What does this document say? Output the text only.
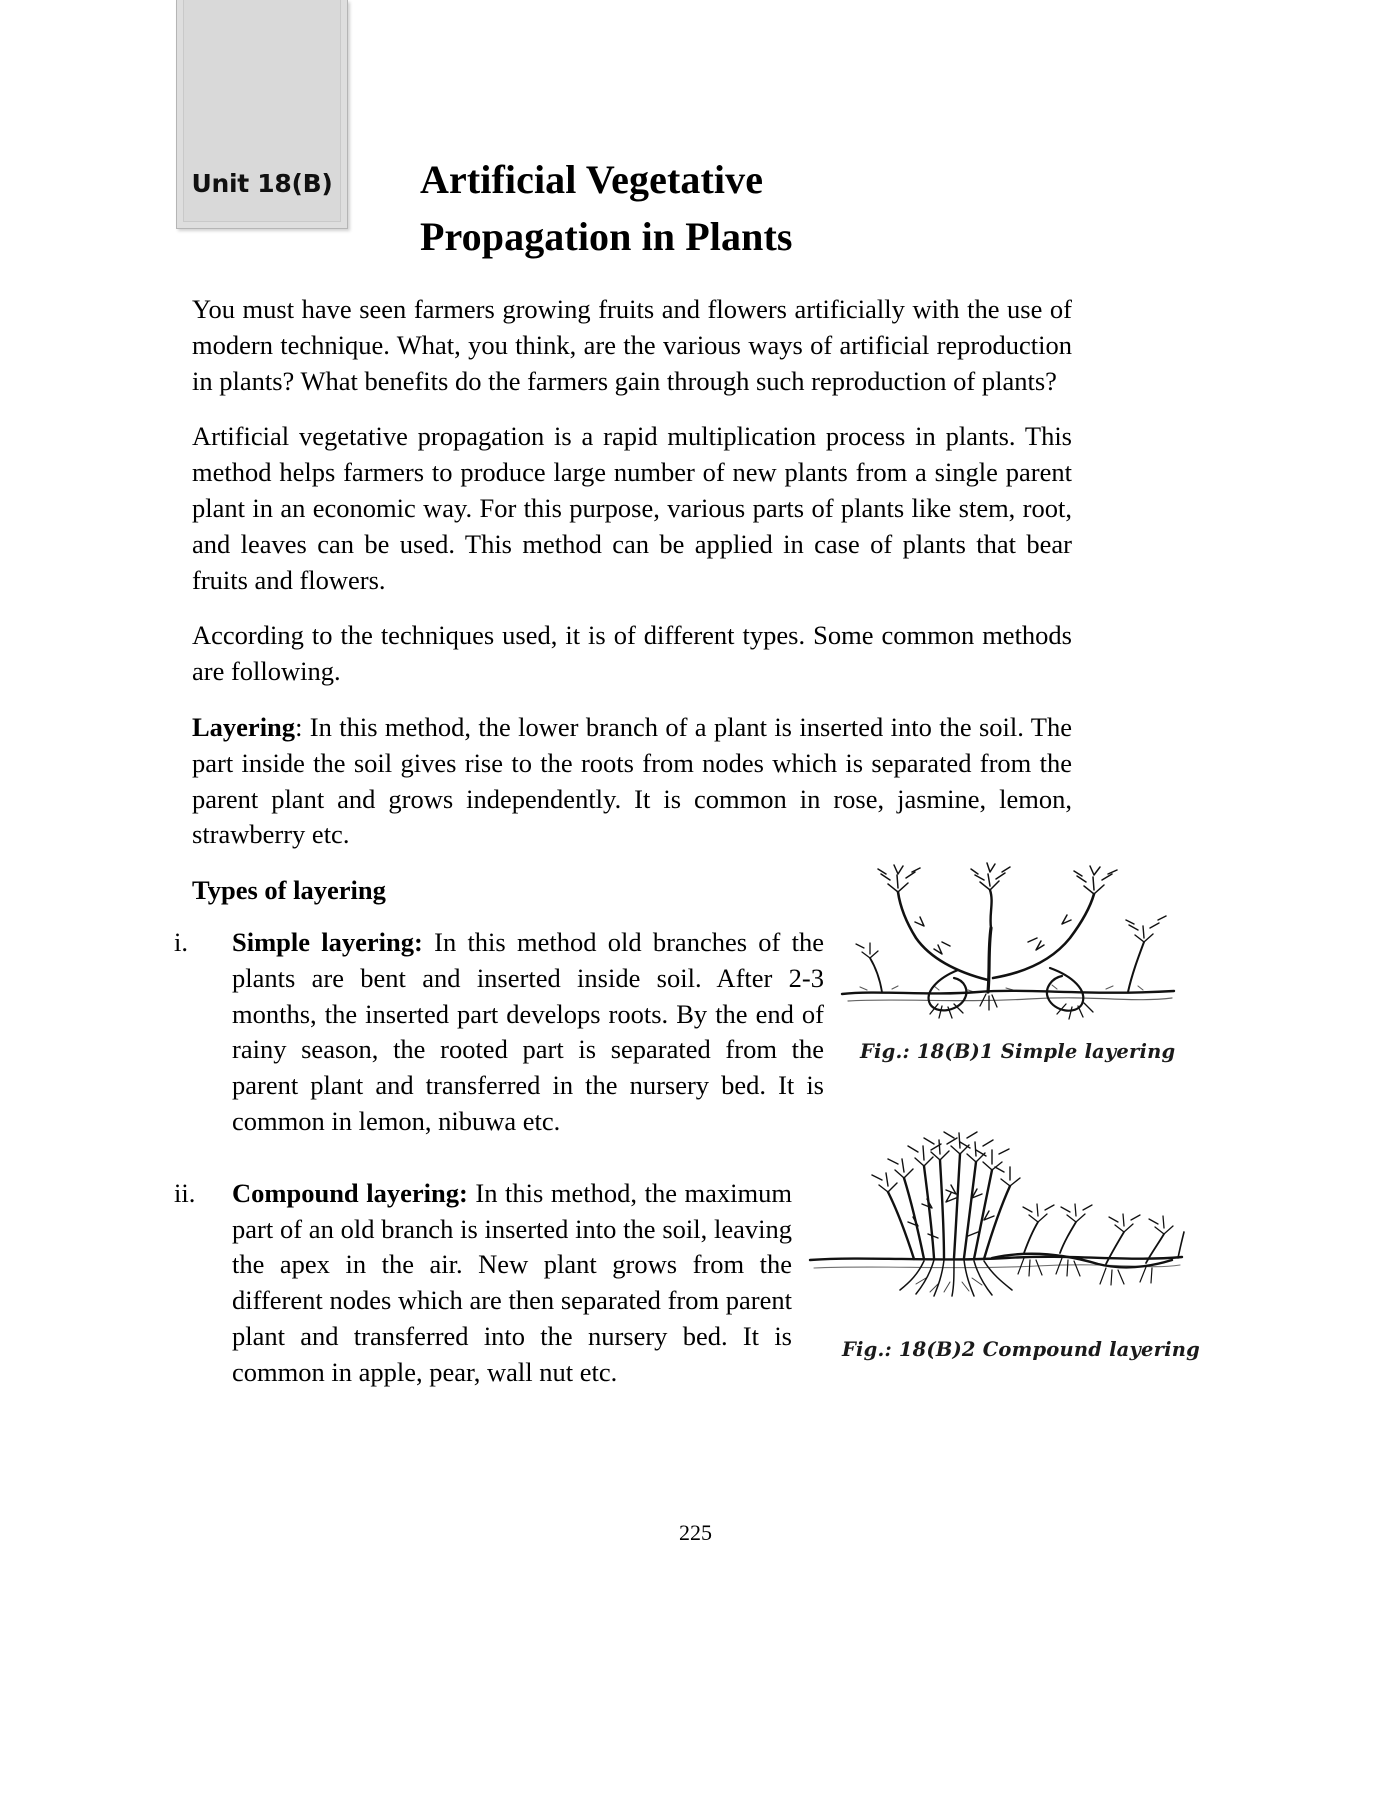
Unit 18(B)	Artificial Vegetative
Propagation in Plants

You must have seen farmers growing fruits and flowers artificially with the use of modern technique. What, you think, are the various ways of artificial reproduction in plants? What benefits do the farmers gain through such reproduction of plants?

Artificial vegetative propagation is a rapid multiplication process in plants. This method helps farmers to produce large number of new plants from a single parent plant in an economic way. For this purpose, various parts of plants like stem, root, and leaves can be used. This method can be applied in case of plants that bear fruits and flowers.

According to the techniques used, it is of different types. Some common methods are following.

Layering: In this method, the lower branch of a plant is inserted into the soil. The part inside the soil gives rise to the roots from nodes which is separated from the parent plant and grows independently. It is common in rose, jasmine, lemon, strawberry etc.

Types of layering
i.	Simple layering: In this method old branches of the plants are bent and inserted inside soil. After 2-3 months, the inserted part develops roots. By the end of rainy season, the rooted part is separated from the parent plant and transferred in the nursery bed. It is common in lemon, nibuwa etc.
ii.	Compound layering: In this method, the maximum part of an old branch is inserted into the soil, leaving the apex in the air. New plant grows from the different nodes which are then separated from parent plant and transferred into the nursery bed. It is common in apple, pear, wall nut etc.
Fig.: 18(B)1 Simple layering
Fig.: 18(B)2 Compound layering
225
